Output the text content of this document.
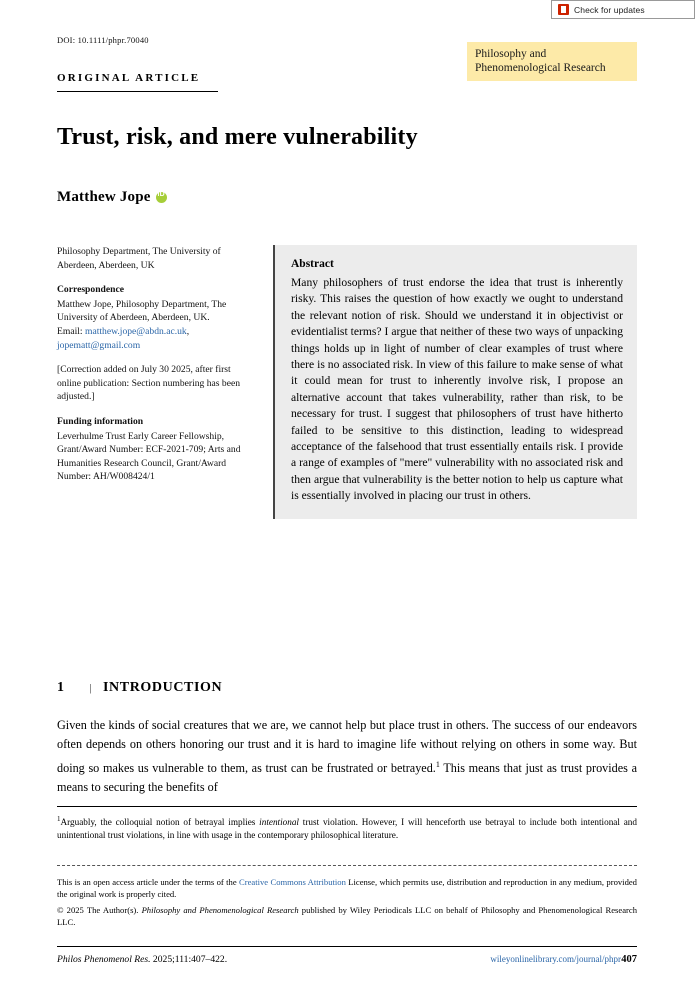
Check for updates
DOI: 10.1111/phpr.70040
ORIGINAL ARTICLE
Philosophy and
Phenomenological Research
Trust, risk, and mere vulnerability
Matthew Jope
iD

Philosophy Department, The University of Aberdeen, Aberdeen, UK

Correspondence

Matthew Jope, Philosophy Department, The University of Aberdeen, Aberdeen, UK.

Email: matthew.jope@abdn.ac.uk, jopematt@gmail.com

[Correction added on July 30 2025, after first online publication: Section numbering has been adjusted.]

Funding information

Leverhulme Trust Early Career Fellowship, Grant/Award Number: ECF-2021-709; Arts and Humanities Research Council, Grant/Award Number: AH/W008424/1

Abstract

Many philosophers of trust endorse the idea that trust is inherently risky. This raises the question of how exactly we ought to understand the relevant notion of risk. Should we understand it in objectivist or evidentialist terms? I argue that neither of these two ways of unpacking things holds up in light of number of clear examples of trust where there is no associated risk. In view of this failure to make sense of what it could mean for trust to inherently involve risk, I propose an alternative account that takes vulnerability, rather than risk, to be necessary for trust. I suggest that philosophers of trust have hitherto failed to be sensitive to this distinction, leading to widespread acceptance of the falsehood that trust essentially entails risk. I provide a range of examples of "mere" vulnerability with no associated risk and then argue that vulnerability is the better notion to help us capture what is essentially involved in placing our trust in others.

1	| INTRODUCTION
Given the kinds of social creatures that we are, we cannot help but place trust in others. The success of our endeavors often depends on others honoring our trust and it is hard to imagine life without relying on others in some way. But doing so makes us vulnerable to them, as trust can be frustrated or betrayed.$^1$ This means that just as trust provides a means to securing the benefits of
$^1$Arguably, the colloquial notion of betrayal implies intentional trust violation. However, I will henceforth use betrayal to include both intentional and unintentional trust violations, in line with usage in the contemporary philosophical literature.

This is an open access article under the terms of the Creative Commons Attribution License, which permits use, distribution and reproduction in any medium, provided the original work is properly cited.

© 2025 The Author(s). Philosophy and Phenomenological Research published by Wiley Periodicals LLC on behalf of Philosophy and Phenomenological Research LLC.

Philos Phenomenol Res. 2025;111:407–422.	wileyonlinelibrary.com/journal/phpr 407
